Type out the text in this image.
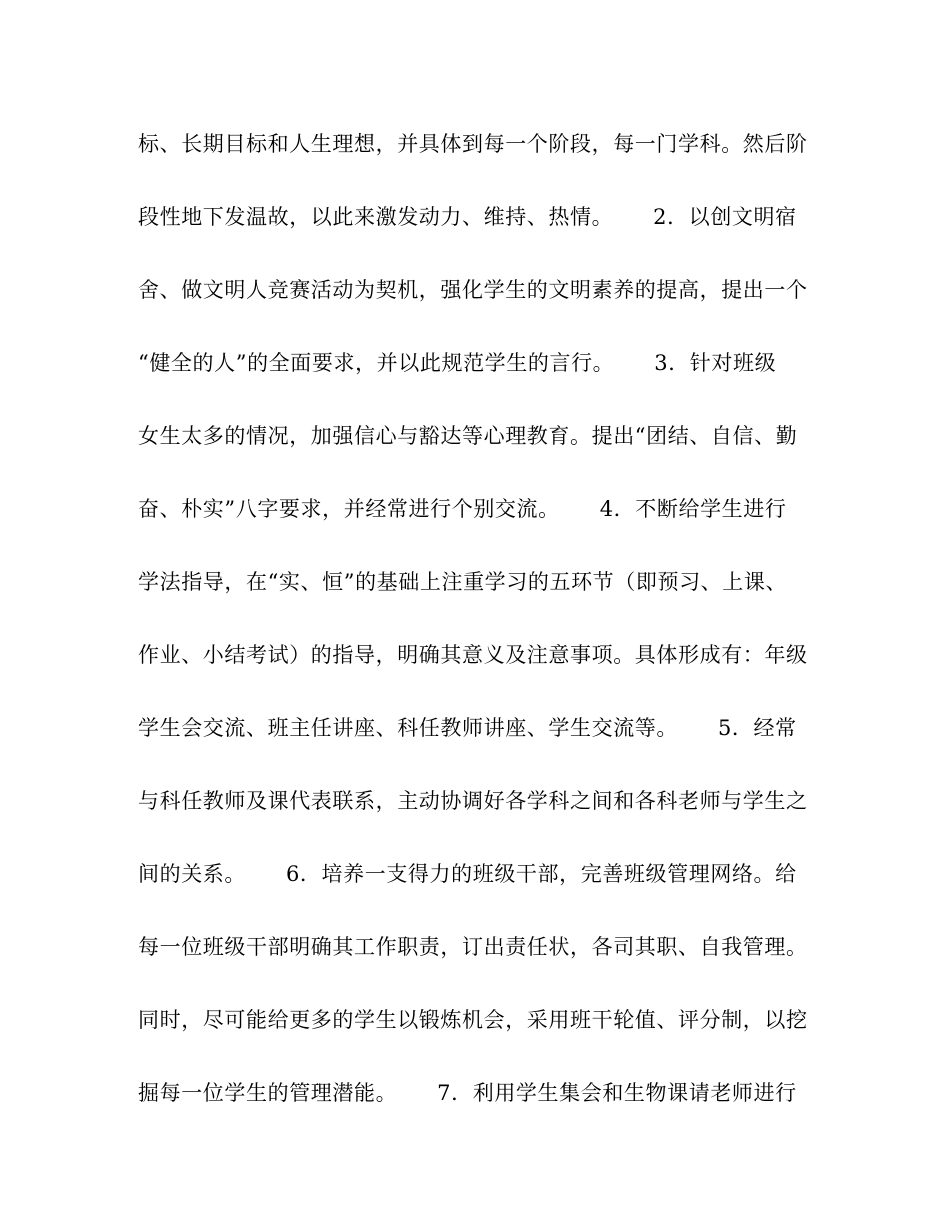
标、长期目标和人生理想，并具体到每一个阶段，每一门学科。然后阶
段性地下发温故，以此来激发动力、维持、热情。　　 2．以创文明宿
舍、做文明人竞赛活动为契机，强化学生的文明素养的提高，提出一个
“健全的人”的全面要求，并以此规范学生的言行。　　 3．针对班级
女生太多的情况，加强信心与豁达等心理教育。提出“团结、自信、勤
奋、朴实”八字要求，并经常进行个别交流。　　 4．不断给学生进行
学法指导，在“实、恒”的基础上注重学习的五环节（即预习、上课、
作业、小结考试）的指导，明确其意义及注意事项。具体形成有：年级
学生会交流、班主任讲座、科任教师讲座、学生交流等。　　 5．经常
与科任教师及课代表联系，主动协调好各学科之间和各科老师与学生之
间的关系。　　 6．培养一支得力的班级干部，完善班级管理网络。给
每一位班级干部明确其工作职责，订出责任状，各司其职、自我管理。
同时，尽可能给更多的学生以锻炼机会，采用班干轮值、评分制，以挖
掘每一位学生的管理潜能。　　 7．利用学生集会和生物课请老师进行
